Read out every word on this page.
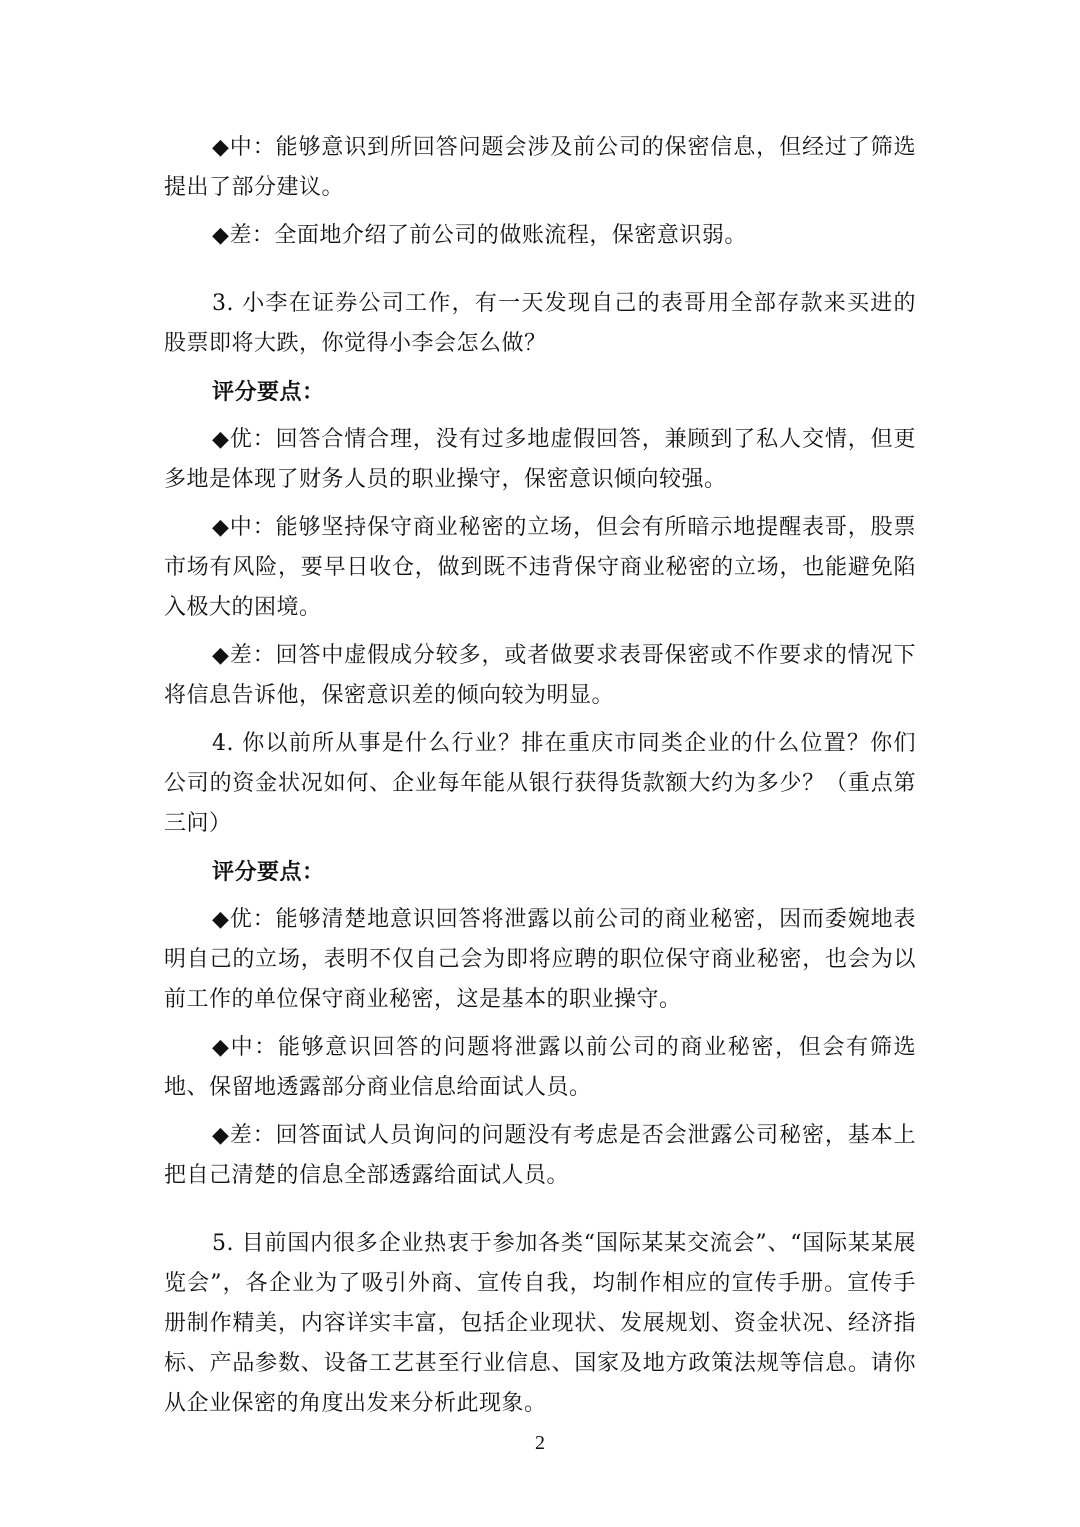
◆中：能够意识到所回答问题会涉及前公司的保密信息，但经过了筛选提出了部分建议。

◆差：全面地介绍了前公司的做账流程，保密意识弱。

3. 小李在证券公司工作，有一天发现自己的表哥用全部存款来买进的股票即将大跌，你觉得小李会怎么做？

评分要点：

◆优：回答合情合理，没有过多地虚假回答，兼顾到了私人交情，但更多地是体现了财务人员的职业操守，保密意识倾向较强。

◆中：能够坚持保守商业秘密的立场，但会有所暗示地提醒表哥，股票市场有风险，要早日收仓，做到既不违背保守商业秘密的立场，也能避免陷入极大的困境。

◆差：回答中虚假成分较多，或者做要求表哥保密或不作要求的情况下将信息告诉他，保密意识差的倾向较为明显。

4. 你以前所从事是什么行业？排在重庆市同类企业的什么位置？你们公司的资金状况如何、企业每年能从银行获得货款额大约为多少？（重点第三问）

评分要点：

◆优：能够清楚地意识回答将泄露以前公司的商业秘密，因而委婉地表明自己的立场，表明不仅自己会为即将应聘的职位保守商业秘密，也会为以前工作的单位保守商业秘密，这是基本的职业操守。

◆中：能够意识回答的问题将泄露以前公司的商业秘密，但会有筛选地、保留地透露部分商业信息给面试人员。

◆差：回答面试人员询问的问题没有考虑是否会泄露公司秘密，基本上把自己清楚的信息全部透露给面试人员。

5. 目前国内很多企业热衷于参加各类“国际某某交流会”、“国际某某展览会”，各企业为了吸引外商、宣传自我，均制作相应的宣传手册。宣传手册制作精美，内容详实丰富，包括企业现状、发展规划、资金状况、经济指标、产品参数、设备工艺甚至行业信息、国家及地方政策法规等信息。请你从企业保密的角度出发来分析此现象。

2
